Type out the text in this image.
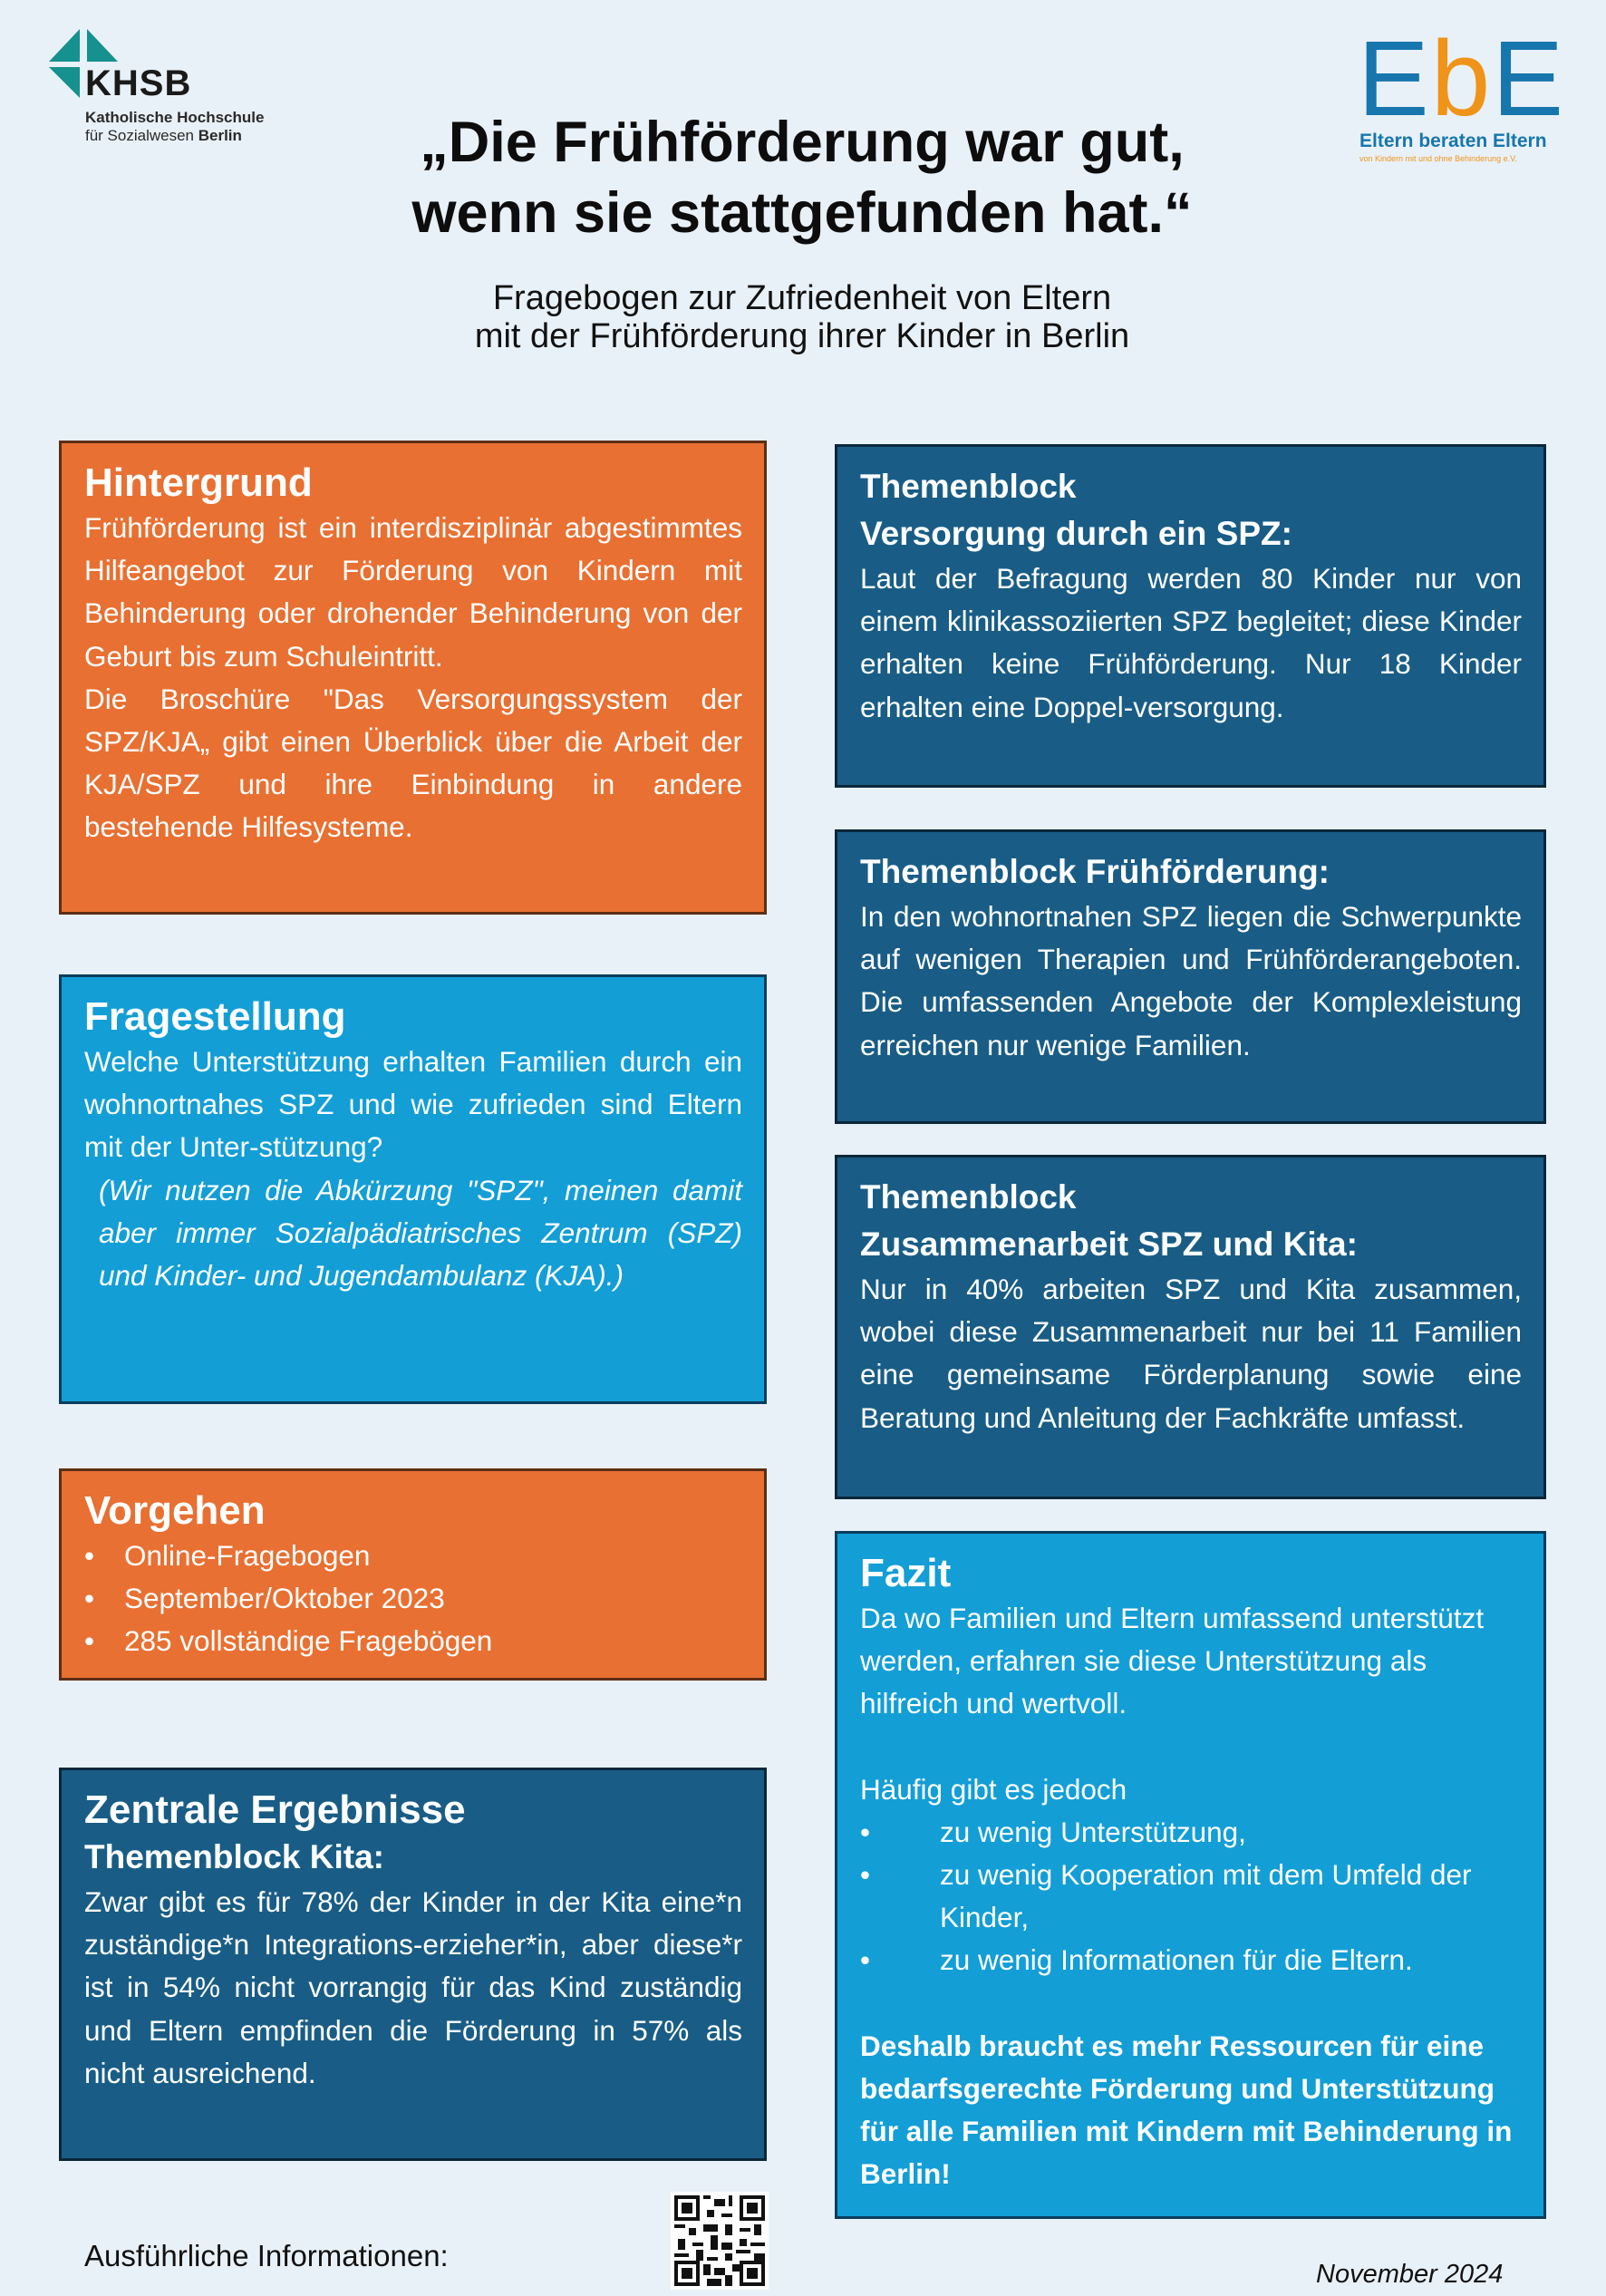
KHSB
Katholische Hochschule
für Sozialwesen Berlin	EbE
Eltern beraten Eltern
von Kindern mit und ohne Behinderung e.V.
„Die Frühförderung war gut,
wenn sie stattgefunden hat.“
Fragebogen zur Zufriedenheit von Eltern
mit der Frühförderung ihrer Kinder in Berlin
Hintergrund

Frühförderung ist ein interdisziplinär abgestimmtes Hilfeangebot zur Förderung von Kindern mit Behinderung oder drohender Behinderung von der Geburt bis zum Schuleintritt.

Die Broschüre "Das Versorgungssystem der SPZ/KJA„ gibt einen Überblick über die Arbeit der KJA/SPZ und ihre Einbindung in andere bestehende Hilfesysteme.

Fragestellung

Welche Unterstützung erhalten Familien durch ein wohnortnahes SPZ und wie zufrieden sind Eltern mit der Unter-stützung?

(Wir nutzen die Abkürzung "SPZ", meinen damit aber immer Sozialpädiatrisches Zentrum (SPZ) und Kinder- und Jugendambulanz (KJA).)

Vorgehen
• Online-Fragebogen
• September/Oktober 2023
• 285 vollständige Fragebögen
Zentrale Ergebnisse
Themenblock Kita:

Zwar gibt es für 78% der Kinder in der Kita eine*n zuständige*n Integrations-erzieher*in, aber diese*r ist in 54% nicht vorrangig für das Kind zuständig und Eltern empfinden die Förderung in 57% als nicht ausreichend.

Themenblock
Versorgung durch ein SPZ:

Laut der Befragung werden 80 Kinder nur von einem klinikassoziierten SPZ begleitet; diese Kinder erhalten keine Frühförderung. Nur 18 Kinder erhalten eine Doppel-versorgung.

Themenblock Frühförderung:

In den wohnortnahen SPZ liegen die Schwerpunkte auf wenigen Therapien und Frühförderangeboten. Die umfassenden Angebote der Komplexleistung erreichen nur wenige Familien.

Themenblock
Zusammenarbeit SPZ und Kita:

Nur in 40% arbeiten SPZ und Kita zusammen, wobei diese Zusammenarbeit nur bei 11 Familien eine gemeinsame Förderplanung sowie eine Beratung und Anleitung der Fachkräfte umfasst.

Fazit

Da wo Familien und Eltern umfassend unterstützt werden, erfahren sie diese Unterstützung als hilfreich und wertvoll.

Häufig gibt es jedoch

• zu wenig Unterstützung,
• zu wenig Kooperation mit dem Umfeld der Kinder,
• zu wenig Informationen für die Eltern.

Deshalb braucht es mehr Ressourcen für eine bedarfsgerechte Förderung und Unterstützung für alle Familien mit Kindern mit Behinderung in Berlin!

Ausführliche Informationen:
November 2024
